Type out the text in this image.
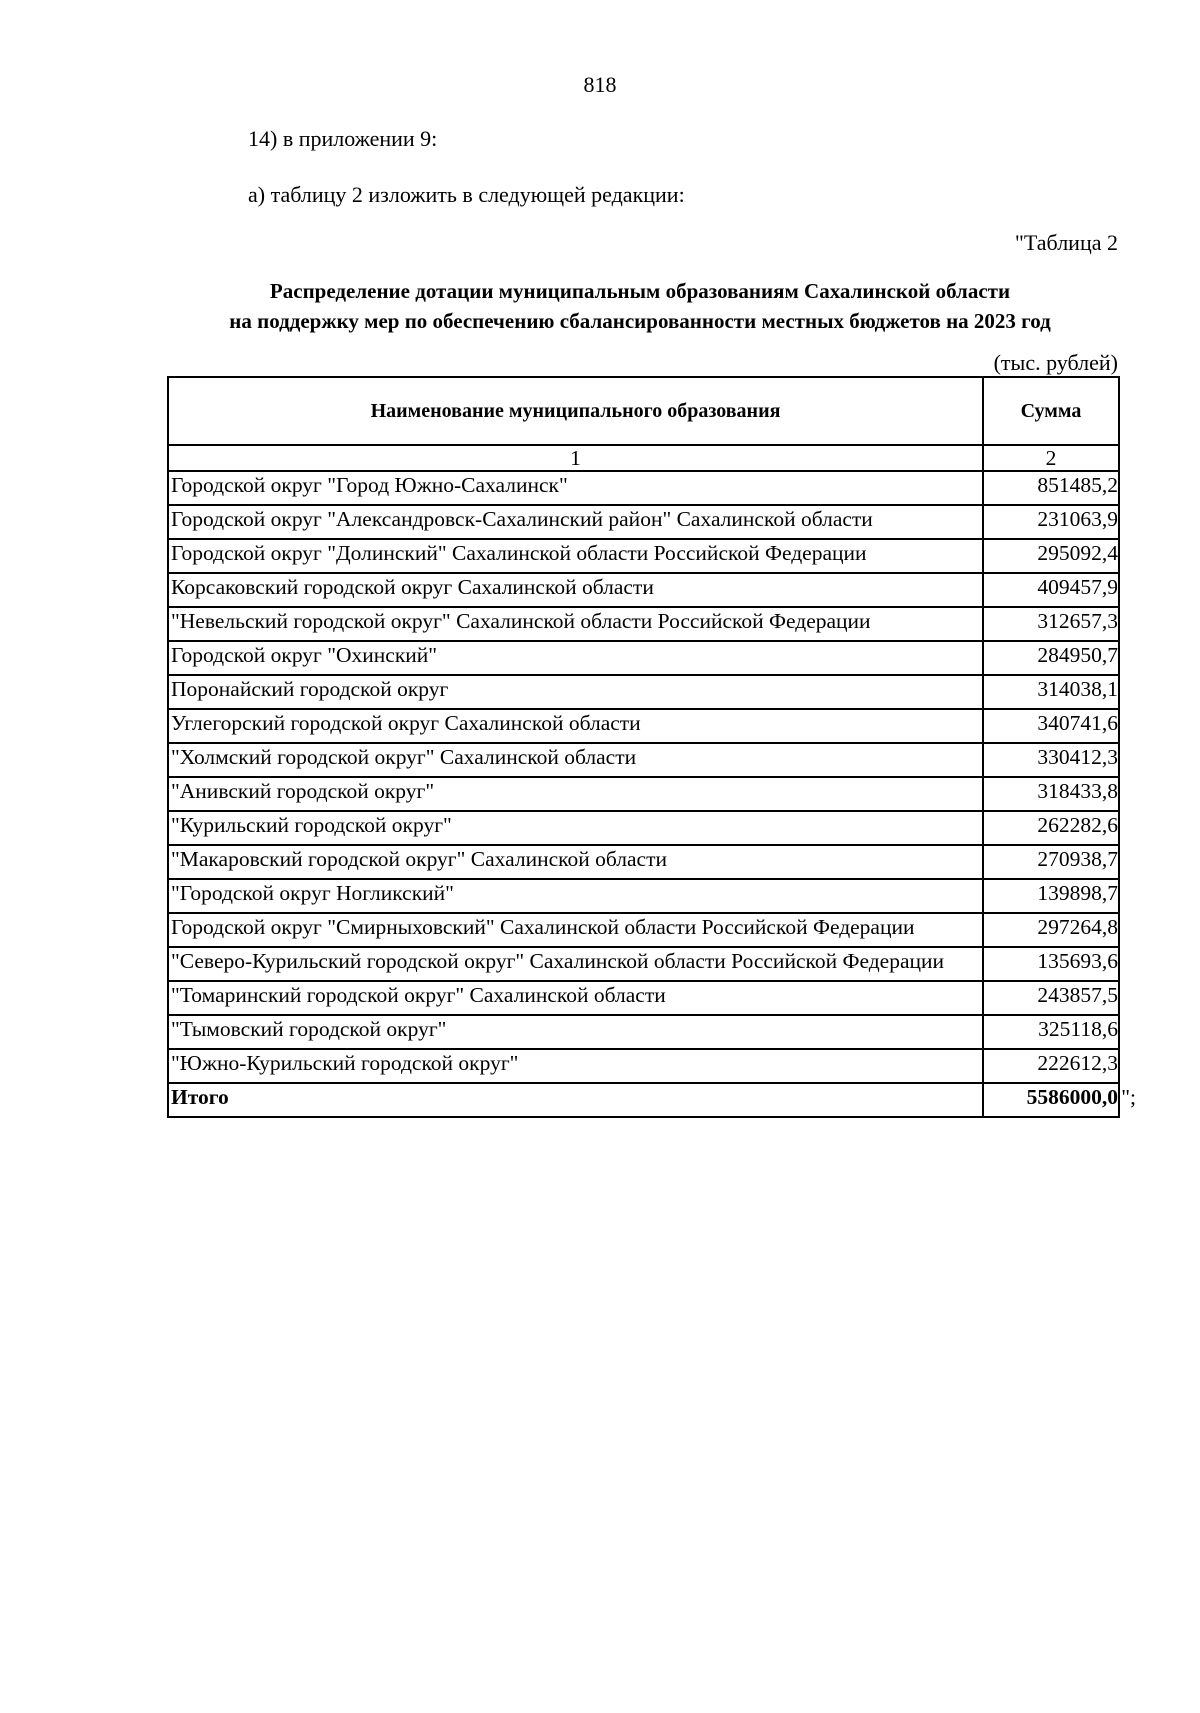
818
14) в приложении 9:
а) таблицу 2 изложить в следующей редакции:
"Таблица 2
Распределение дотации муниципальным образованиям Сахалинской области
на поддержку мер по обеспечению сбалансированности местных бюджетов на 2023 год
(тыс. рублей)
Наименование муниципального образования	Сумма
1	2
Городской округ "Город Южно-Сахалинск"	851485,2
Городской округ "Александровск-Сахалинский район" Сахалинской области	231063,9
Городской округ "Долинский" Сахалинской области Российской Федерации	295092,4
Корсаковский городской округ Сахалинской области	409457,9
"Невельский городской округ" Сахалинской области Российской Федерации	312657,3
Городской округ "Охинский"	284950,7
Поронайский городской округ	314038,1
Углегорский городской округ Сахалинской области	340741,6
"Холмский городской округ" Сахалинской области	330412,3
"Анивский городской округ"	318433,8
"Курильский городской округ"	262282,6
"Макаровский городской округ" Сахалинской области	270938,7
"Городской округ Ногликский"	139898,7
Городской округ "Смирныховский" Сахалинской области Российской Федерации	297264,8
"Северо-Курильский городской округ" Сахалинской области Российской Федерации	135693,6
"Томаринский городской округ" Сахалинской области	243857,5
"Тымовский городской округ"	325118,6
"Южно-Курильский городской округ"	222612,3
Итого	5586000,0 ";
